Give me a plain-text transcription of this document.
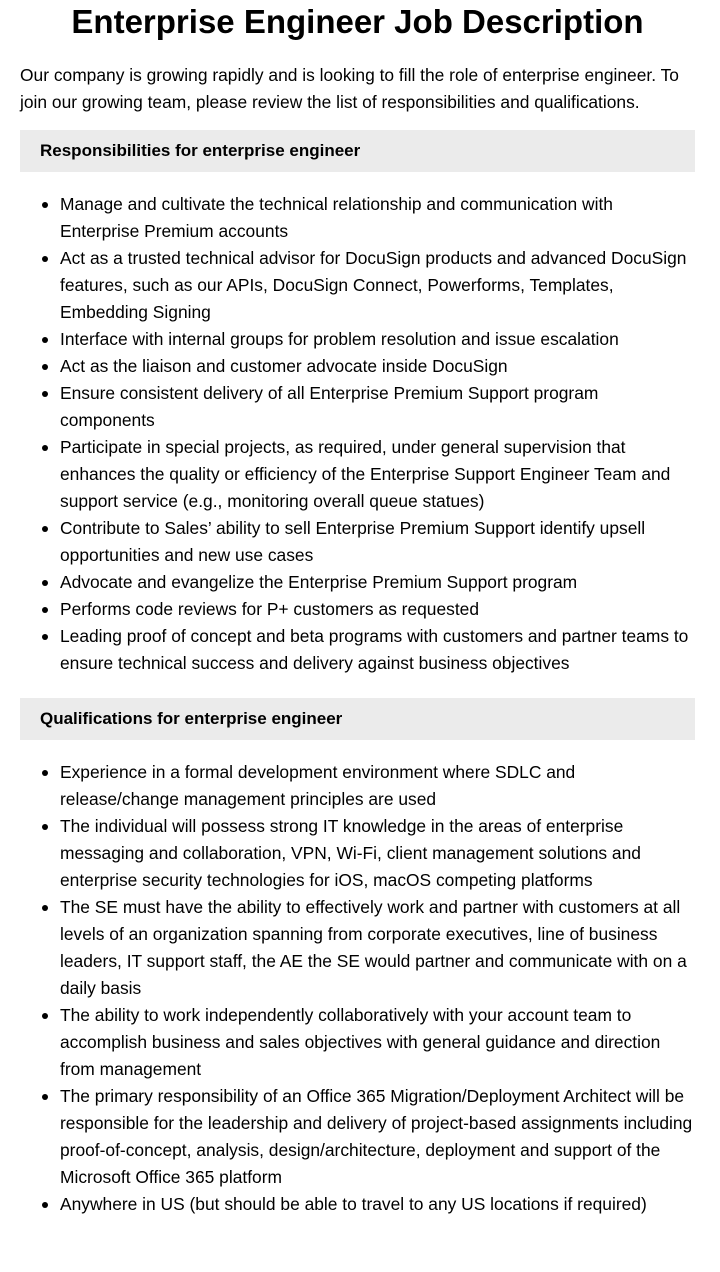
Enterprise Engineer Job Description

Our company is growing rapidly and is looking to fill the role of enterprise engineer. To join our growing team, please review the list of responsibilities and qualifications.

Responsibilities for enterprise engineer
Manage and cultivate the technical relationship and communication with Enterprise Premium accounts
Act as a trusted technical advisor for DocuSign products and advanced DocuSign features, such as our APIs, DocuSign Connect, Powerforms, Templates, Embedding Signing
Interface with internal groups for problem resolution and issue escalation
Act as the liaison and customer advocate inside DocuSign
Ensure consistent delivery of all Enterprise Premium Support program components
Participate in special projects, as required, under general supervision that enhances the quality or efficiency of the Enterprise Support Engineer Team and support service (e.g., monitoring overall queue statues)
Contribute to Sales’ ability to sell Enterprise Premium Support identify upsell opportunities and new use cases
Advocate and evangelize the Enterprise Premium Support program
Performs code reviews for P+ customers as requested
Leading proof of concept and beta programs with customers and partner teams to ensure technical success and delivery against business objectives
Qualifications for enterprise engineer
Experience in a formal development environment where SDLC and release/change management principles are used
The individual will possess strong IT knowledge in the areas of enterprise messaging and collaboration, VPN, Wi-Fi, client management solutions and enterprise security technologies for iOS, macOS competing platforms
The SE must have the ability to effectively work and partner with customers at all levels of an organization spanning from corporate executives, line of business leaders, IT support staff, the AE the SE would partner and communicate with on a daily basis
The ability to work independently collaboratively with your account team to accomplish business and sales objectives with general guidance and direction from management
The primary responsibility of an Office 365 Migration/Deployment Architect will be responsible for the leadership and delivery of project-based assignments including proof-of-concept, analysis, design/architecture, deployment and support of the Microsoft Office 365 platform
Anywhere in US (but should be able to travel to any US locations if required)
